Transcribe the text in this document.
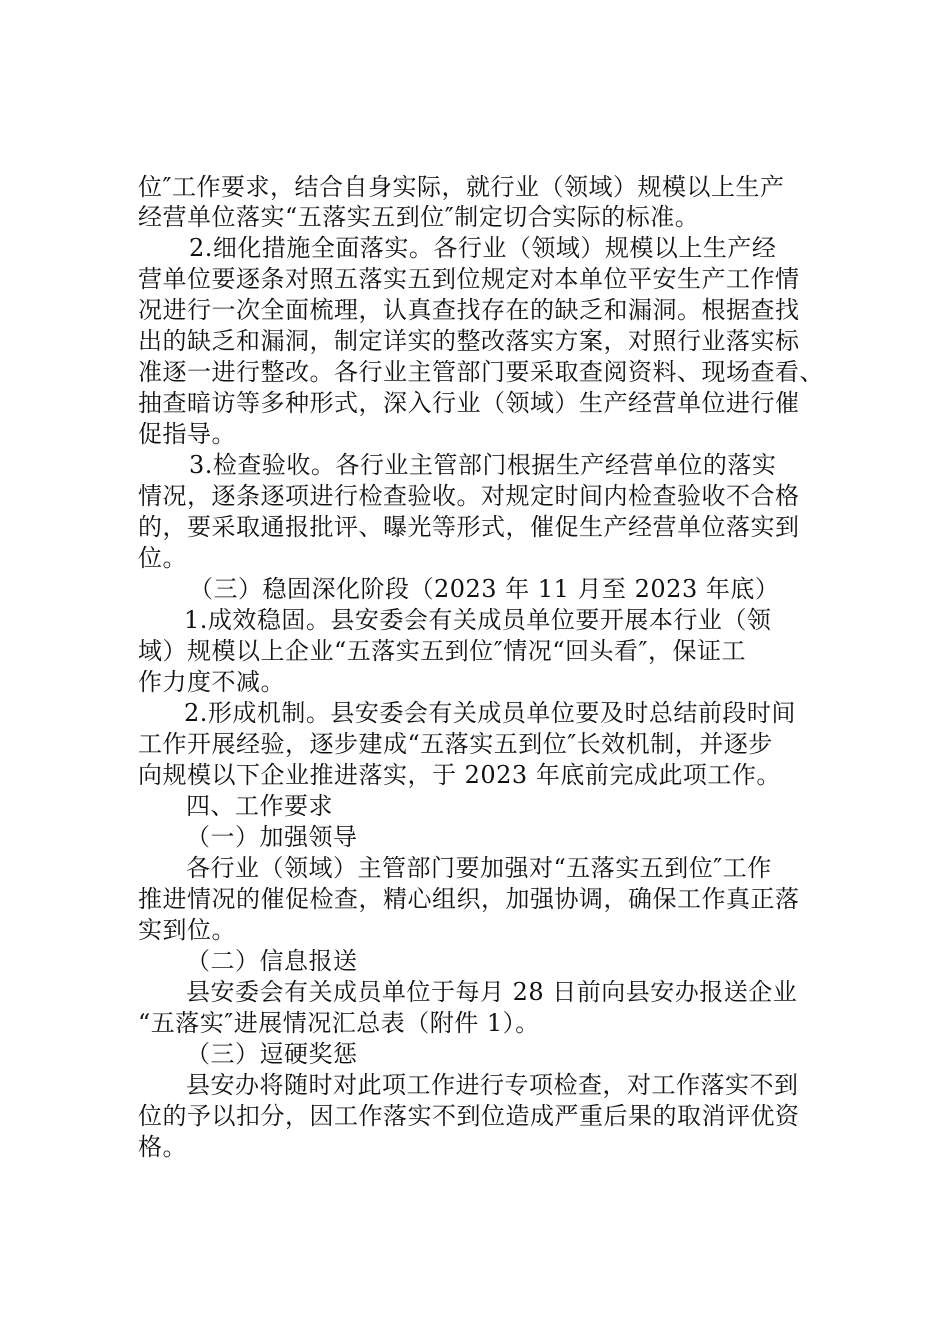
位″工作要求，结合自身实际，就行业（领域）规模以上生产
经营单位落实“五落实五到位″制定切合实际的标准。
2.细化措施全面落实。各行业（领域）规模以上生产经
营单位要逐条对照五落实五到位规定对本单位平安生产工作情
况进行一次全面梳理，认真查找存在的缺乏和漏洞。根据查找
出的缺乏和漏洞，制定详实的整改落实方案，对照行业落实标
准逐一进行整改。各行业主管部门要采取查阅资料、现场查看、
抽查暗访等多种形式，深入行业（领域）生产经营单位进行催
促指导。
3.检查验收。各行业主管部门根据生产经营单位的落实
情况，逐条逐项进行检查验收。对规定时间内检查验收不合格
的，要采取通报批评、曝光等形式，催促生产经营单位落实到
位。
（三）稳固深化阶段（2023 年 11 月至 2023 年底）
1.成效稳固。县安委会有关成员单位要开展本行业（领
域）规模以上企业“五落实五到位″情况“回头看″，保证工
作力度不减。
2.形成机制。县安委会有关成员单位要及时总结前段时间
工作开展经验，逐步建成“五落实五到位″长效机制，并逐步
向规模以下企业推进落实，于 2023 年底前完成此项工作。
四、工作要求
（一）加强领导
各行业（领域）主管部门要加强对“五落实五到位″工作
推进情况的催促检查，精心组织，加强协调，确保工作真正落
实到位。
（二）信息报送
县安委会有关成员单位于每月 28 日前向县安办报送企业
“五落实″进展情况汇总表（附件 1）。
（三）逗硬奖惩
县安办将随时对此项工作进行专项检查，对工作落实不到
位的予以扣分，因工作落实不到位造成严重后果的取消评优资
格。
